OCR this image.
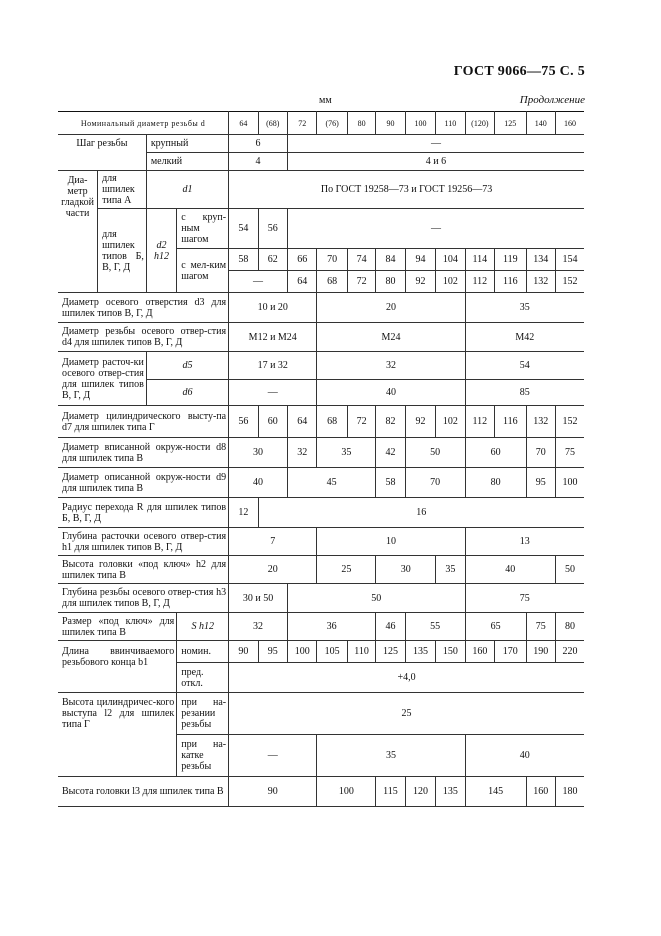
ГОСТ 9066—75 С. 5
мм	Продолжение
Номинальный диаметр резьбы d				64	(68)	72	(76)	80	90	100	110	(120)	125	140	160
Шаг резьбы		крупный		6		—									
		мелкий		4		4 и 6									
Диа-метр гладкой части	для шпилек типа А	d1		По ГОСТ 19258—73 и ГОСТ 19256—73											
	для шпилек типов Б, В, Г, Д	d2 h12	с круп-ным шагом	54	56	—									
			с мел-ким шагом	58	62	66	70	74	84	94	104	114	119	134	154
				—		64	68	72	80	92	102	112	116	132	152
Диаметр осевого отверстия d3 для шпилек типов В, Г, Д				10 и 20			20					35			
Диаметр резьбы осевого отвер-стия d4 для шпилек типов В, Г, Д				М12 и М24			М24					М42			
Диаметр расточ-ки осевого отвер-стия для шпилек типов В, Г, Д		d5		17 и 32			32					54			
		d6		—			40					85			
Диаметр цилиндрического высту-па d7 для шпилек типа Г				56	60	64	68	72	82	92	102	112	116	132	152
Диаметр вписанной окруж-ности d8 для шпилек типа В				30		32	35		42	50		60		70	75
Диаметр описанной окруж-ности d9 для шпилек типа В				40		45			58	70		80		95	100
Радиус перехода R для шпилек типов Б, В, Г, Д				12	16										
Глубина расточки осевого отвер-стия h1 для шпилек типов В, Г, Д				7			10					13			
Высота головки «под ключ» h2 для шпилек типа В				20			25		30		35	40			50
Глубина резьбы осевого отвер-стия h3 для шпилек типов В, Г, Д				30 и 50		50						75			
Размер «под ключ» для шпилек типа В			S h12	32		36			46	55		65		75	80
Длина ввинчиваемого резьбового конца b1			номин.	90	95	100	105	110	125	135	150	160	170	190	220
			пред. откл.	+4,0											
Высота цилиндричес-кого выступа l2 для шпилек типа Г			при на-резании резьбы	25											
			при на-катке резьбы	—			35					40			
Высота головки l3 для шпилек типа В				90			100		115	120	135	145		160	180
